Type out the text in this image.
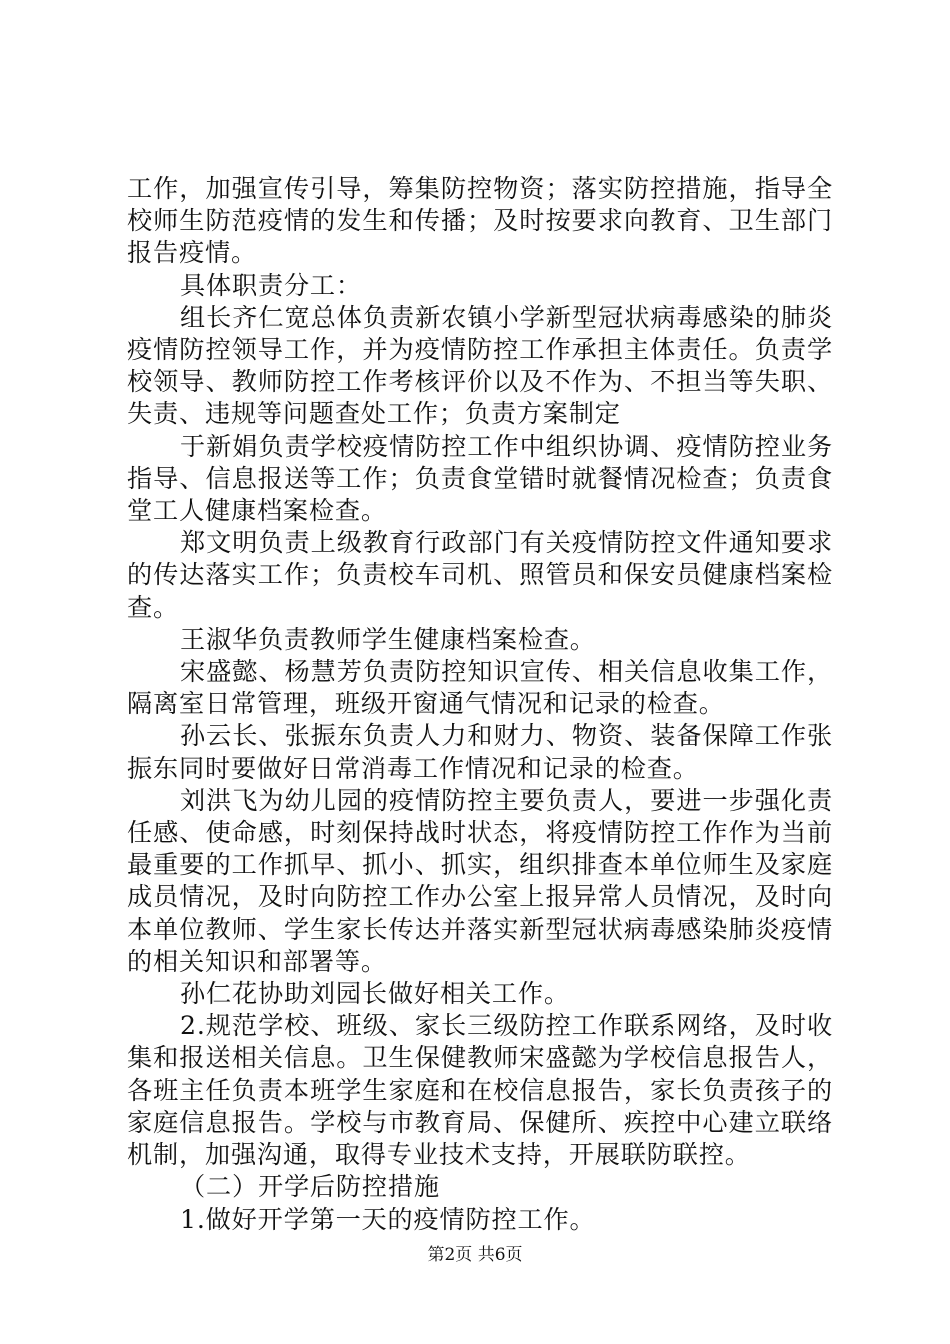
工作，加强宣传引导，筹集防控物资；落实防控措施，指导全校师生防范疫情的发生和传播；及时按要求向教育、卫生部门报告疫情。

具体职责分工：

组长齐仁宽总体负责新农镇小学新型冠状病毒感染的肺炎疫情防控领导工作，并为疫情防控工作承担主体责任。负责学校领导、教师防控工作考核评价以及不作为、不担当等失职、失责、违规等问题查处工作；负责方案制定

于新娟负责学校疫情防控工作中组织协调、疫情防控业务指导、信息报送等工作；负责食堂错时就餐情况检查；负责食堂工人健康档案检查。

郑文明负责上级教育行政部门有关疫情防控文件通知要求的传达落实工作；负责校车司机、照管员和保安员健康档案检查。

王淑华负责教师学生健康档案检查。

宋盛懿、杨慧芳负责防控知识宣传、相关信息收集工作，隔离室日常管理，班级开窗通气情况和记录的检查。

孙云长、张振东负责人力和财力、物资、装备保障工作张振东同时要做好日常消毒工作情况和记录的检查。

刘洪飞为幼儿园的疫情防控主要负责人，要进一步强化责任感、使命感，时刻保持战时状态，将疫情防控工作作为当前最重要的工作抓早、抓小、抓实，组织排查本单位师生及家庭成员情况，及时向防控工作办公室上报异常人员情况，及时向本单位教师、学生家长传达并落实新型冠状病毒感染肺炎疫情的相关知识和部署等。

孙仁花协助刘园长做好相关工作。

2.规范学校、班级、家长三级防控工作联系网络，及时收集和报送相关信息。卫生保健教师宋盛懿为学校信息报告人，各班主任负责本班学生家庭和在校信息报告，家长负责孩子的家庭信息报告。学校与市教育局、保健所、疾控中心建立联络机制，加强沟通，取得专业技术支持，开展联防联控。

（二）开学后防控措施

1.做好开学第一天的疫情防控工作。

第2页 共6页
